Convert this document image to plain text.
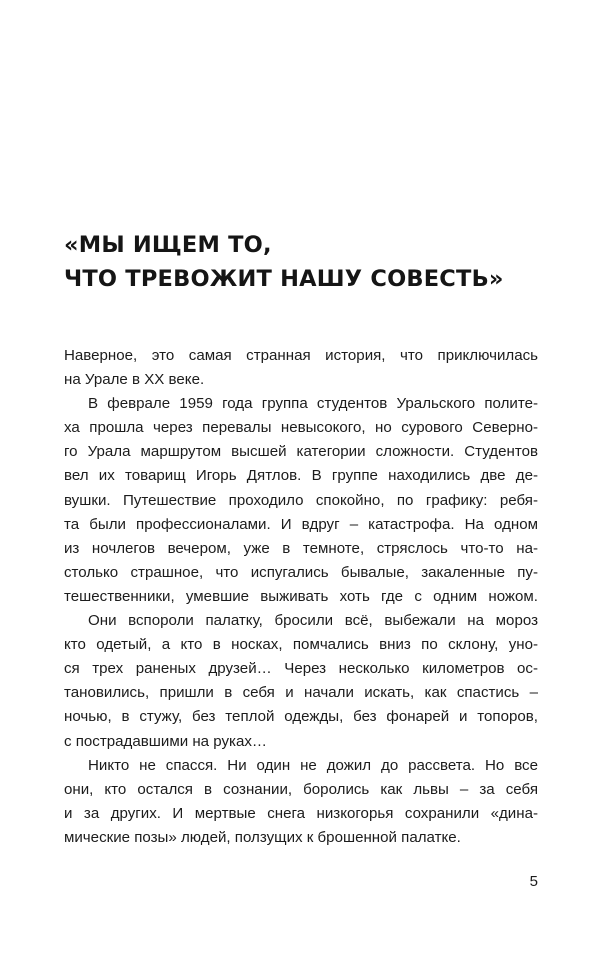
«МЫ ИЩЕМ ТО,
ЧТО ТРЕВОЖИТ НАШУ СОВЕСТЬ»
Наверное, это самая странная история, что приключилась
на Урале в XX веке.
В феврале 1959 года группа студентов Уральского полите-
ха прошла через перевалы невысокого, но сурового Северно-
го Урала маршрутом высшей категории сложности. Студентов
вел их товарищ Игорь Дятлов. В группе находились две де-
вушки. Путешествие проходило спокойно, по графику: ребя-
та были профессионалами. И вдруг – катастрофа. На одном
из ночлегов вечером, уже в темноте, стряслось что-то на-
столько страшное, что испугались бывалые, закаленные пу-
тешественники, умевшие выживать хоть где с одним ножом.
Они вспороли палатку, бросили всё, выбежали на мороз
кто одетый, а кто в носках, помчались вниз по склону, уно-
ся трех раненых друзей… Через несколько километров ос-
тановились, пришли в себя и начали искать, как спастись –
ночью, в стужу, без теплой одежды, без фонарей и топоров,
с пострадавшими на руках…
Никто не спасся. Ни один не дожил до рассвета. Но все
они, кто остался в сознании, боролись как львы – за себя
и за других. И мертвые снега низкогорья сохранили «дина-
мические позы» людей, ползущих к брошенной палатке.
5
